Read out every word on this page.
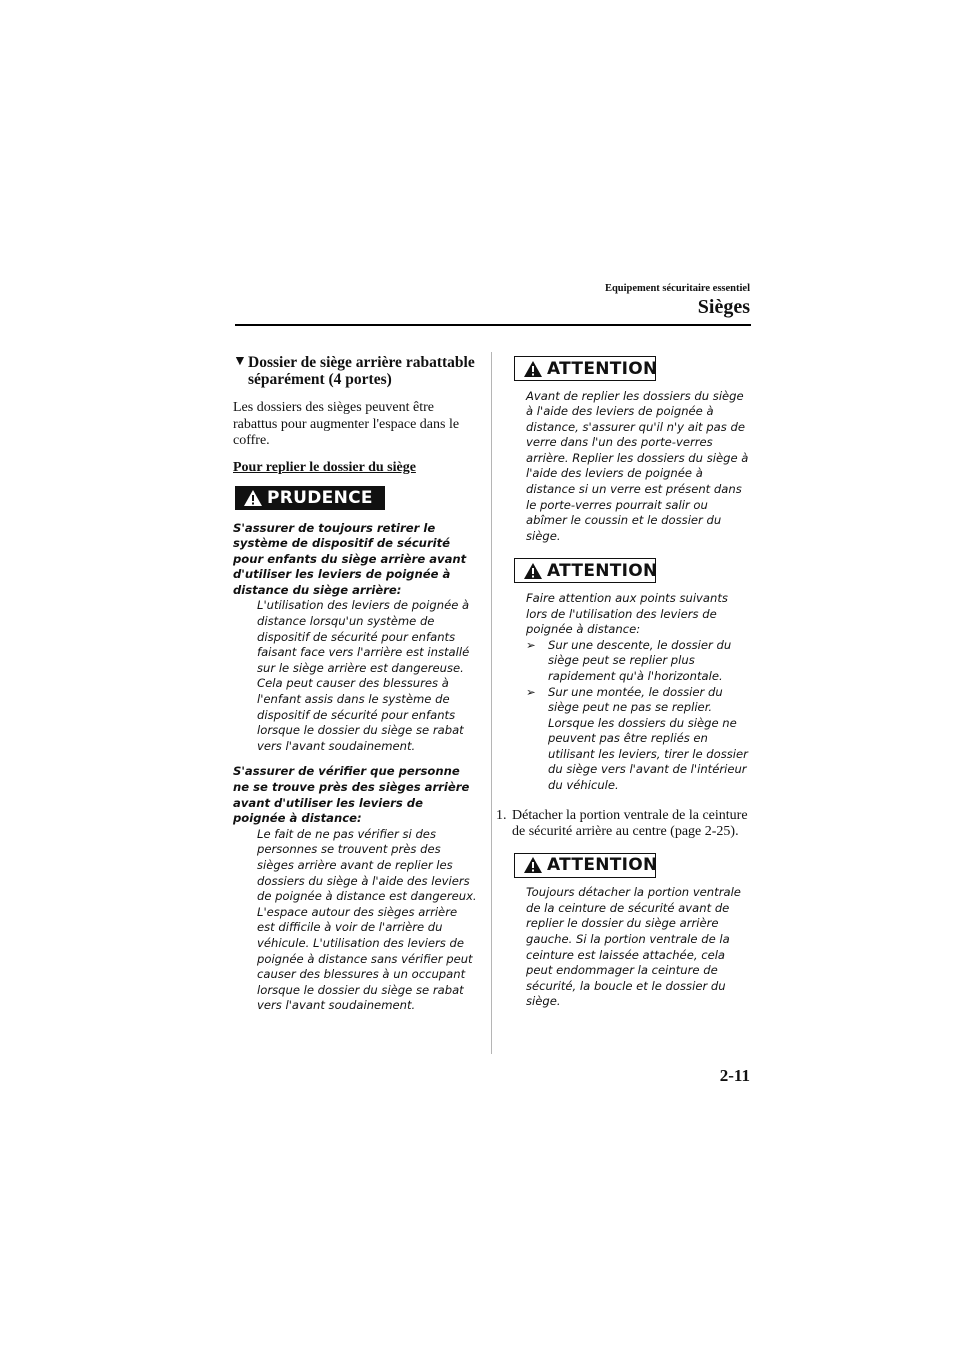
Equipement sécuritaire essentiel
Sièges
▼ Dossier de siège arrière rabattable séparément (4 portes)

Les dossiers des sièges peuvent être rabattus pour augmenter l'espace dans le coffre.

Pour replier le dossier du siège

PRUDENCE

S'assurer de toujours retirer le système de dispositif de sécurité pour enfants du siège arrière avant d'utiliser les leviers de poignée à distance du siège arrière:

L'utilisation des leviers de poignée à distance lorsqu'un système de dispositif de sécurité pour enfants faisant face vers l'arrière est installé sur le siège arrière est dangereuse. Cela peut causer des blessures à l'enfant assis dans le système de dispositif de sécurité pour enfants lorsque le dossier du siège se rabat vers l'avant soudainement.

S'assurer de vérifier que personne ne se trouve près des sièges arrière avant d'utiliser les leviers de poignée à distance:

Le fait de ne pas vérifier si des personnes se trouvent près des sièges arrière avant de replier les dossiers du siège à l'aide des leviers de poignée à distance est dangereux. L'espace autour des sièges arrière est difficile à voir de l'arrière du véhicule. L'utilisation des leviers de poignée à distance sans vérifier peut causer des blessures à un occupant lorsque le dossier du siège se rabat vers l'avant soudainement.

ATTENTION

Avant de replier les dossiers du siège à l'aide des leviers de poignée à distance, s'assurer qu'il n'y ait pas de verre dans l'un des porte-verres arrière. Replier les dossiers du siège à l'aide des leviers de poignée à distance si un verre est présent dans le porte-verres pourrait salir ou abîmer le coussin et le dossier du siège.

ATTENTION

Faire attention aux points suivants lors de l'utilisation des leviers de poignée à distance:

➢	Sur une descente, le dossier du siège peut se replier plus rapidement qu'à l'horizontale.
➢	Sur une montée, le dossier du siège peut ne pas se replier. Lorsque les dossiers du siège ne peuvent pas être repliés en utilisant les leviers, tirer le dossier du siège vers l'avant de l'intérieur du véhicule.
1. Détacher la portion ventrale de la ceinture de sécurité arrière au centre (page 2-25).
ATTENTION

Toujours détacher la portion ventrale de la ceinture de sécurité avant de replier le dossier du siège arrière gauche. Si la portion ventrale de la ceinture est laissée attachée, cela peut endommager la ceinture de sécurité, la boucle et le dossier du siège.

2-11
